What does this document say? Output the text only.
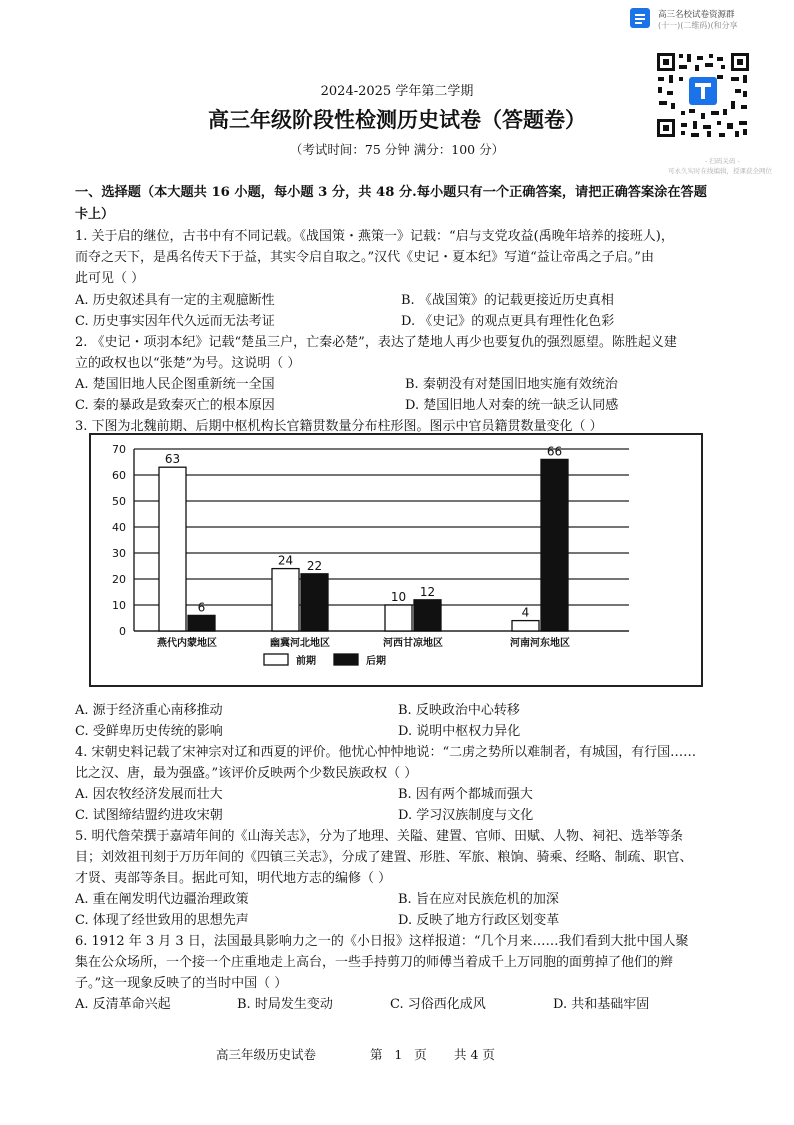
高三名校试卷资源群
(十一)(二维码)(和分享
- 扫码关码 -
可永久实时在线编辑，授课获全网位
2024-2025 学年第二学期
高三年级阶段性检测历史试卷（答题卷）
（考试时间：75 分钟 满分：100 分）
一、选择题（本大题共 16 小题，每小题 3 分，共 48 分.每小题只有一个正确答案，请把正确答案涂在答题
卡上）
1. 关于启的继位，古书中有不同记载。《战国策・燕策一》记载：“启与支党攻益(禹晚年培养的接班人)，
而夺之天下，是禹名传天下于益，其实令启自取之。”汉代《史记・夏本纪》写道“益让帝禹之子启。”由
此可见（ ）
A. 历史叙述具有一定的主观臆断性	B. 《战国策》的记载更接近历史真相
C. 历史事实因年代久远而无法考证	D. 《史记》的观点更具有理性化色彩
2. 《史记・项羽本纪》记载“楚虽三户，亡秦必楚”，表达了楚地人再少也要复仇的强烈愿望。陈胜起义建
立的政权也以“张楚”为号。这说明（ ）
A. 楚国旧地人民企图重新统一全国	B. 秦朝没有对楚国旧地实施有效统治
C. 秦的暴政是致秦灭亡的根本原因	D. 楚国旧地人对秦的统一缺乏认同感
3. 下图为北魏前期、后期中枢机构长官籍贯数量分布柱形图。图示中官员籍贯数量变化（ ）
0
10
20
30
40
50
60
70
63
6
24 22
10 12
4
66
燕代内蒙地区	幽冀河北地区	河西甘凉地区	河南河东地区
前期	后期
A. 源于经济重心南移推动	B. 反映政治中心转移
C. 受鲜卑历史传统的影响	D. 说明中枢权力异化
4. 宋朝史料记载了宋神宗对辽和西夏的评价。他忧心忡忡地说：“二虏之势所以难制者，有城国，有行国……
比之汉、唐，最为强盛。”该评价反映两个少数民族政权（ ）
A. 因农牧经济发展而壮大	B. 因有两个都城而强大
C. 试图缔结盟约进攻宋朝	D. 学习汉族制度与文化
5. 明代詹荣撰于嘉靖年间的《山海关志》，分为了地理、关隘、建置、官师、田赋、人物、祠祀、选举等条
目；刘效祖刊刻于万历年间的《四镇三关志》，分成了建置、形胜、军旅、粮饷、骑乘、经略、制疏、职官、
才贤、夷部等条目。据此可知，明代地方志的编修（ ）
A. 重在阐发明代边疆治理政策	B. 旨在应对民族危机的加深
C. 体现了经世致用的思想先声	D. 反映了地方行政区划变革
6. 1912 年 3 月 3 日，法国最具影响力之一的《小日报》这样报道：“几个月来……我们看到大批中国人聚
集在公众场所，一个接一个庄重地走上高台，一些手持剪刀的师傅当着成千上万同胞的面剪掉了他们的辫
子。”这一现象反映了的当时中国（ ）
A. 反清革命兴起	B. 时局发生变动	C. 习俗西化成风	D. 共和基础牢固
高三年级历史试卷	第   1   页 共 4 页
